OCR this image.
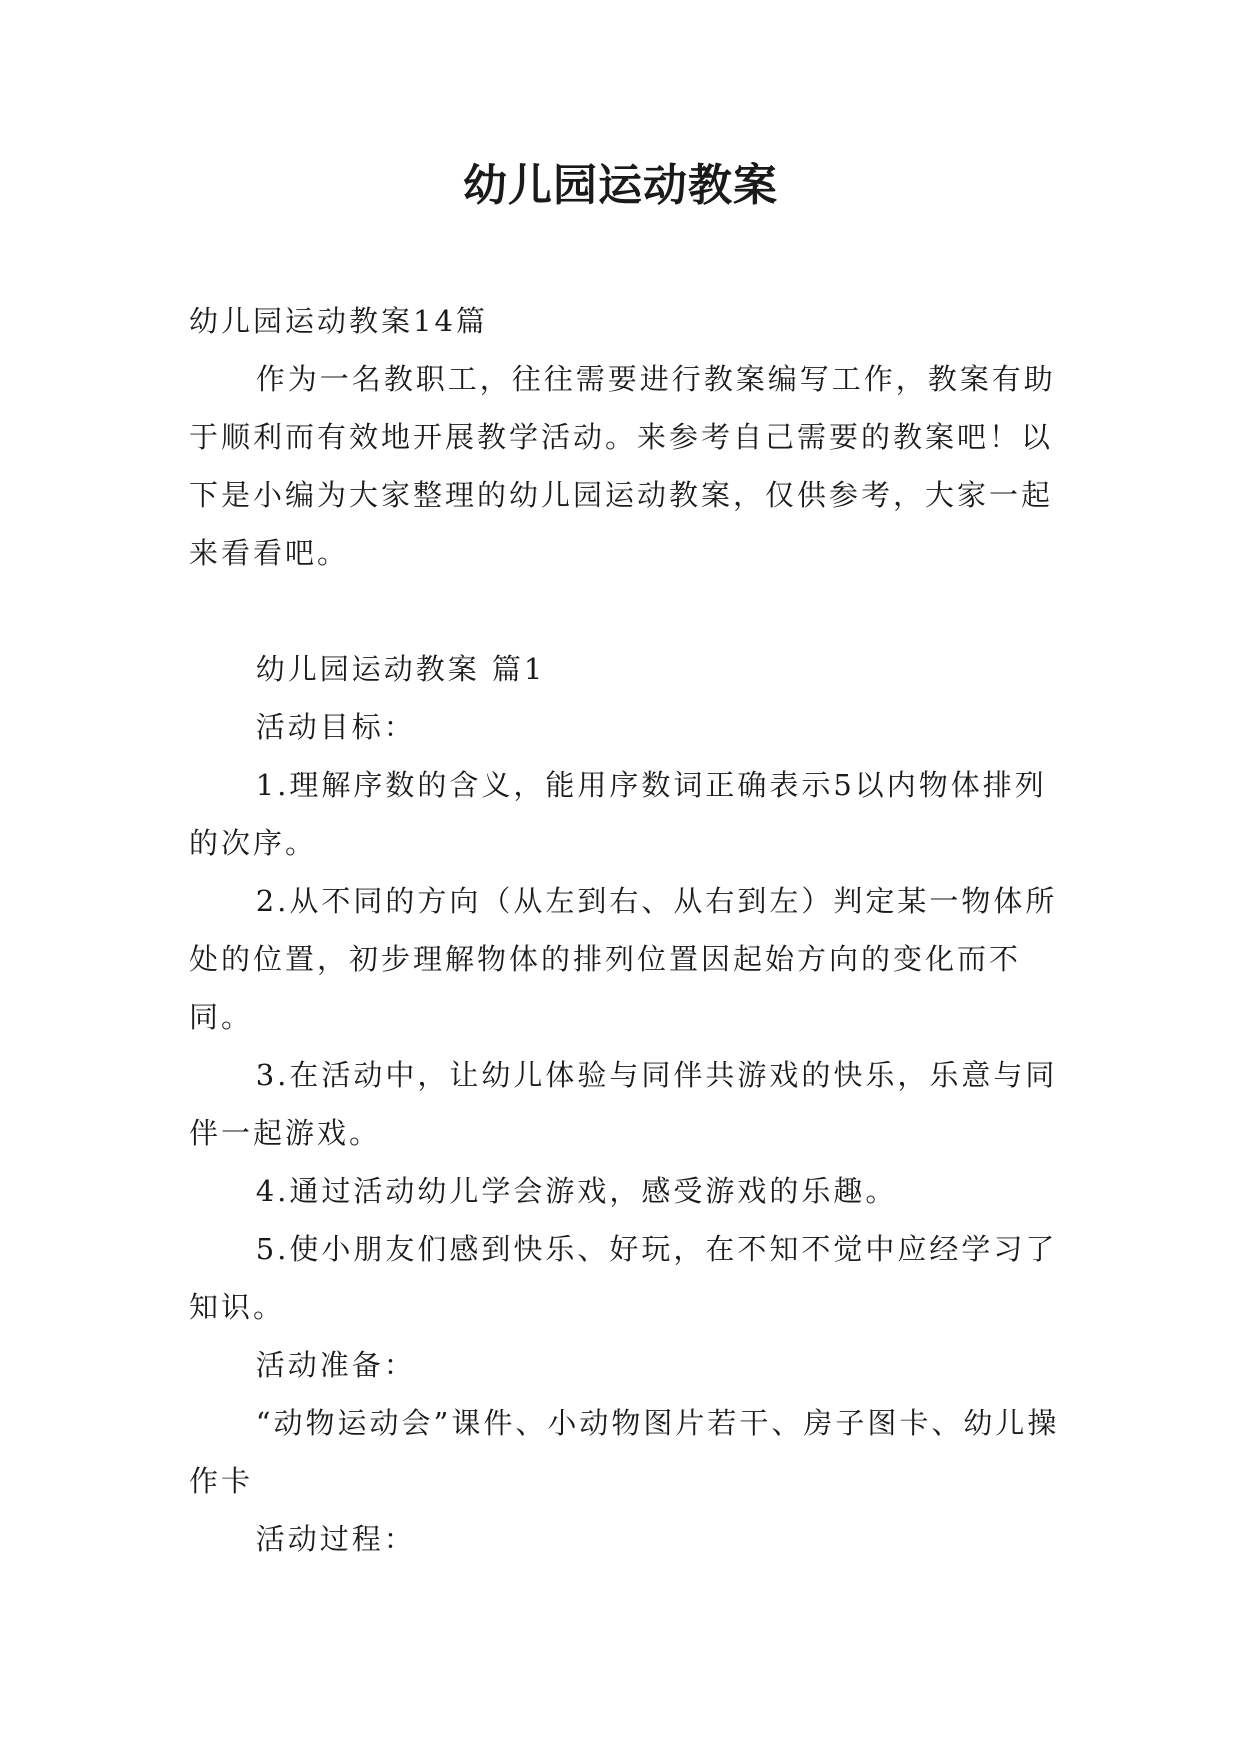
幼儿园运动教案

幼儿园运动教案14篇

作为一名教职工，往往需要进行教案编写工作，教案有助于顺利而有效地开展教学活动。来参考自己需要的教案吧！以下是小编为大家整理的幼儿园运动教案，仅供参考，大家一起来看看吧。

幼儿园运动教案 篇1

活动目标：

1.理解序数的含义，能用序数词正确表示5以内物体排列的次序。

2.从不同的方向（从左到右、从右到左）判定某一物体所处的位置，初步理解物体的排列位置因起始方向的变化而不同。

3.在活动中，让幼儿体验与同伴共游戏的快乐，乐意与同伴一起游戏。

4.通过活动幼儿学会游戏，感受游戏的乐趣。

5.使小朋友们感到快乐、好玩，在不知不觉中应经学习了知识。

活动准备：

“动物运动会”课件、小动物图片若干、房子图卡、幼儿操作卡

活动过程：
